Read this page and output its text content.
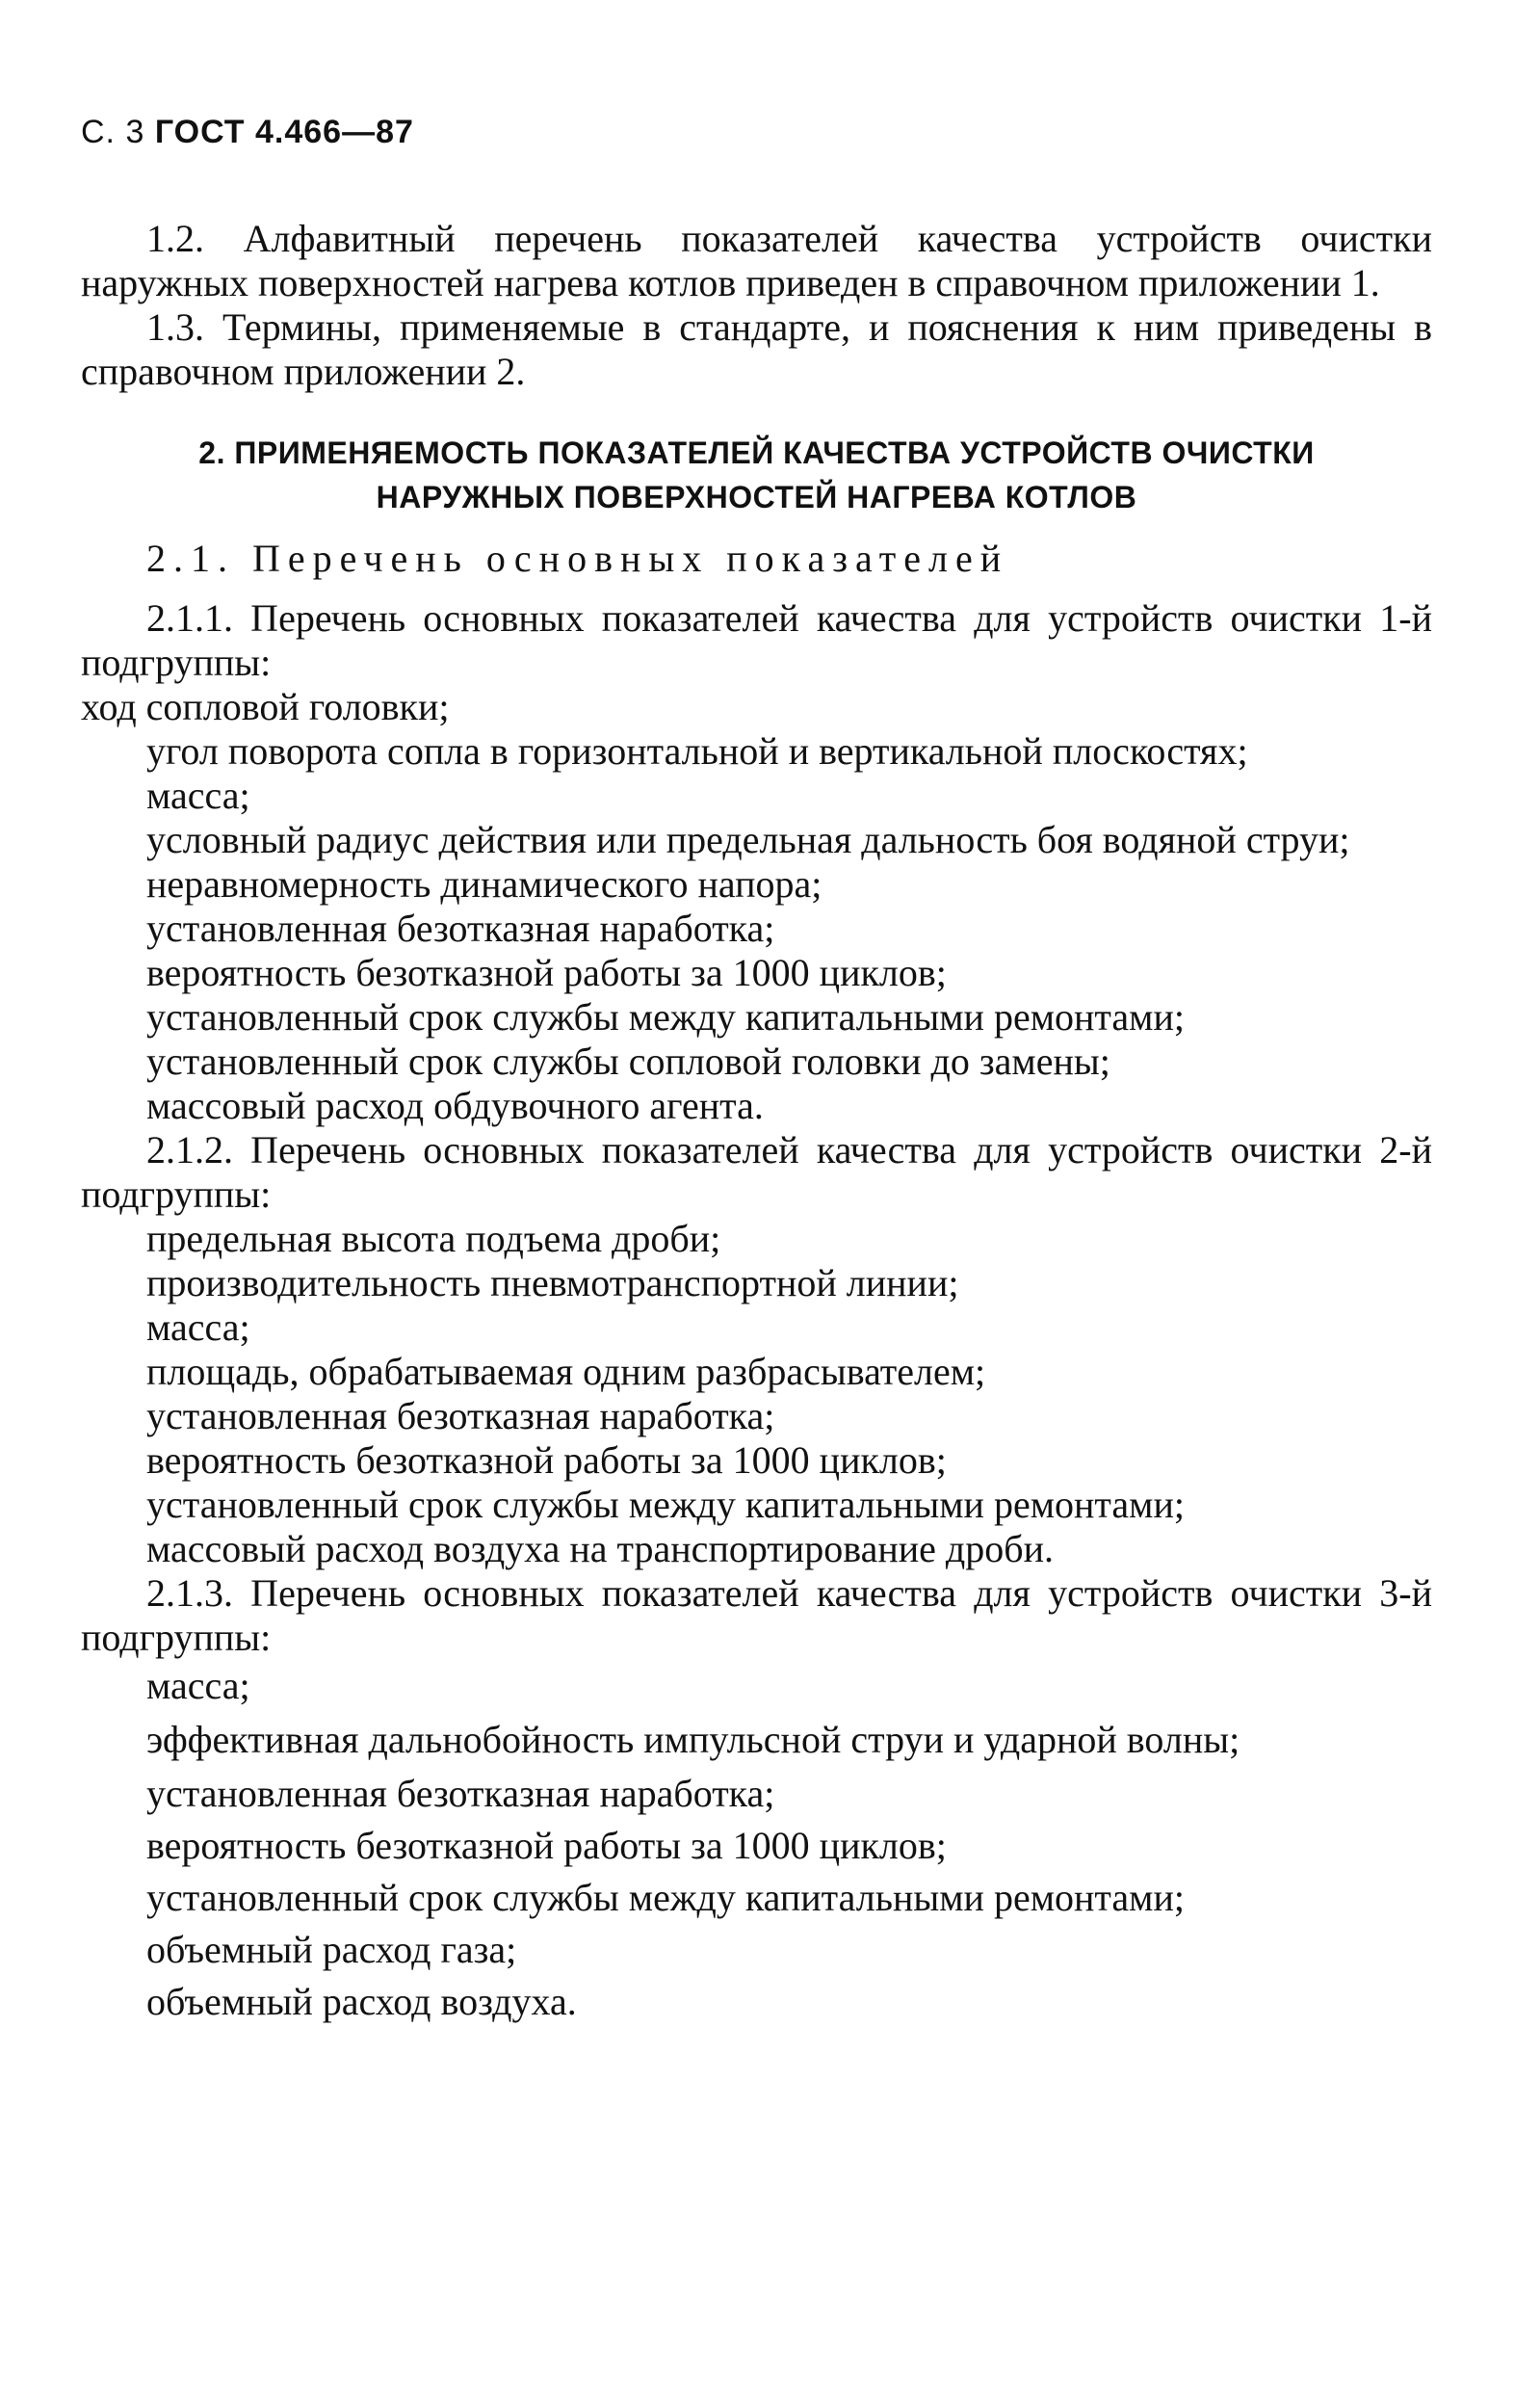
С. 3 ГОСТ 4.466—87

1.2. Алфавитный перечень показателей качества устройств очистки наружных поверхностей нагрева котлов приведен в справочном приложении 1.

1.3. Термины, применяемые в стандарте, и пояснения к ним приведены в справочном приложении 2.

2. ПРИМЕНЯЕМОСТЬ ПОКАЗАТЕЛЕЙ КАЧЕСТВА УСТРОЙСТВ ОЧИСТКИ
НАРУЖНЫХ ПОВЕРХНОСТЕЙ НАГРЕВА КОТЛОВ

2.1. Перечень основных показателей

2.1.1. Перечень основных показателей качества для устройств очистки 1-й подгруппы:

ход сопловой головки;

угол поворота сопла в горизонтальной и вертикальной плоскостях;

масса;

условный радиус действия или предельная дальность боя водяной струи;

неравномерность динамического напора;

установленная безотказная наработка;

вероятность безотказной работы за 1000 циклов;

установленный срок службы между капитальными ремонтами;

установленный срок службы сопловой головки до замены;

массовый расход обдувочного агента.

2.1.2. Перечень основных показателей качества для устройств очистки 2-й подгруппы:

предельная высота подъема дроби;

производительность пневмотранспортной линии;

масса;

площадь, обрабатываемая одним разбрасывателем;

установленная безотказная наработка;

вероятность безотказной работы за 1000 циклов;

установленный срок службы между капитальными ремонтами;

массовый расход воздуха на транспортирование дроби.

2.1.3. Перечень основных показателей качества для устройств очистки 3-й подгруппы:

масса;

эффективная дальнобойность импульсной струи и ударной волны;

установленная безотказная наработка;

вероятность безотказной работы за 1000 циклов;

установленный срок службы между капитальными ремонтами;

объемный расход газа;

объемный расход воздуха.
